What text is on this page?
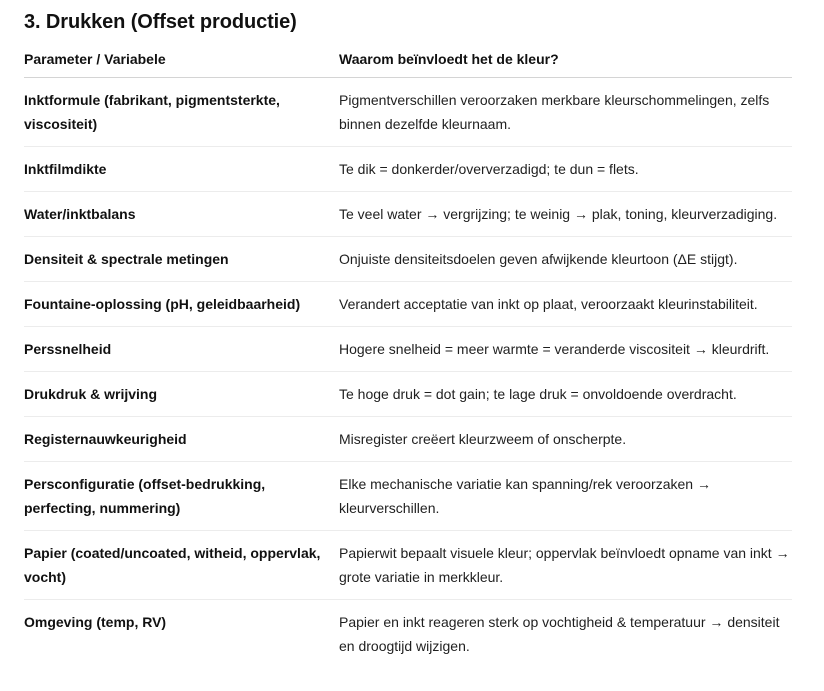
3. Drukken (Offset productie)
Parameter / Variabele	Waarom beïnvloedt het de kleur?
Inktformule (fabrikant, pigmentsterkte, viscositeit)	Pigmentverschillen veroorzaken merkbare kleurschommelingen, zelfs binnen dezelfde kleurnaam.
Inktfilmdikte	Te dik = donkerder/oververzadigd; te dun = flets.
Water/inktbalans	Te veel water → vergrijzing; te weinig → plak, toning, kleurverzadiging.
Densiteit & spectrale metingen	Onjuiste densiteitsdoelen geven afwijkende kleurtoon (ΔE stijgt).
Fountaine-oplossing (pH, geleidbaarheid)	Verandert acceptatie van inkt op plaat, veroorzaakt kleurinstabiliteit.
Perssnelheid	Hogere snelheid = meer warmte = veranderde viscositeit → kleurdrift.
Drukdruk & wrijving	Te hoge druk = dot gain; te lage druk = onvoldoende overdracht.
Registernauwkeurigheid	Misregister creëert kleurzweem of onscherpte.
Persconfiguratie (offset-bedrukking, perfecting, nummering)	Elke mechanische variatie kan spanning/rek veroorzaken → kleurverschillen.
Papier (coated/uncoated, witheid, oppervlak, vocht)	Papierwit bepaalt visuele kleur; oppervlak beïnvloedt opname van inkt → grote variatie in merkkleur.
Omgeving (temp, RV)	Papier en inkt reageren sterk op vochtigheid & temperatuur → densiteit en droogtijd wijzigen.
